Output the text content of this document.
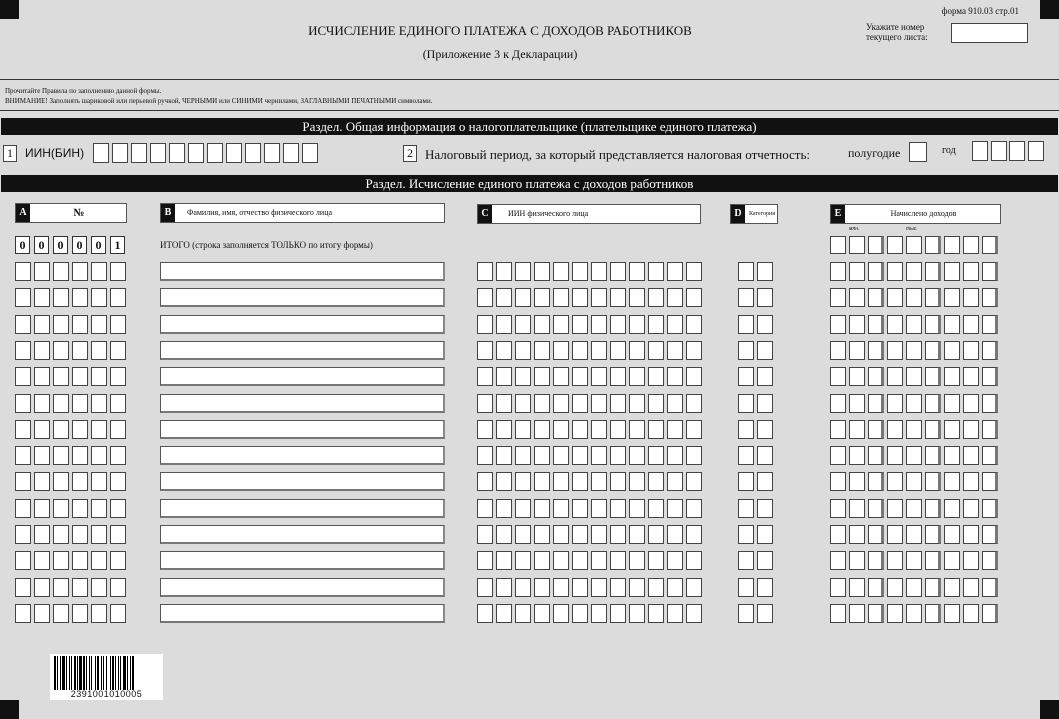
ИСЧИСЛЕНИЕ ЕДИНОГО ПЛАТЕЖА С ДОХОДОВ РАБОТНИКОВ
(Приложение 3 к Декларации)
форма 910.03 стр.01
Укажите номер
текущего листа:
Прочитайте Правила по заполнению данной формы.
ВНИМАНИЕ! Заполнять шариковой или перьевой ручкой, ЧЕРНЫМИ или СИНИМИ чернилами, ЗАГЛАВНЫМИ ПЕЧАТНЫМИ символами.
Раздел. Общая информация о налогоплательщике (плательщике единого платежа)
1	ИИН(БИН)	2 Налоговый период, за который представляется налоговая отчетность:	полугодие	год
Раздел. Исчисление единого платежа с доходов работников
A	№	B	Фамилия, имя, отчество физического лица	C	ИИН физического лица	D	Категория	E	Начислено доходов
млн.	тыс.
0	0	0	0	0	1	ИТОГО (строка заполняется ТОЛЬКО по итогу формы)
2391001010005
